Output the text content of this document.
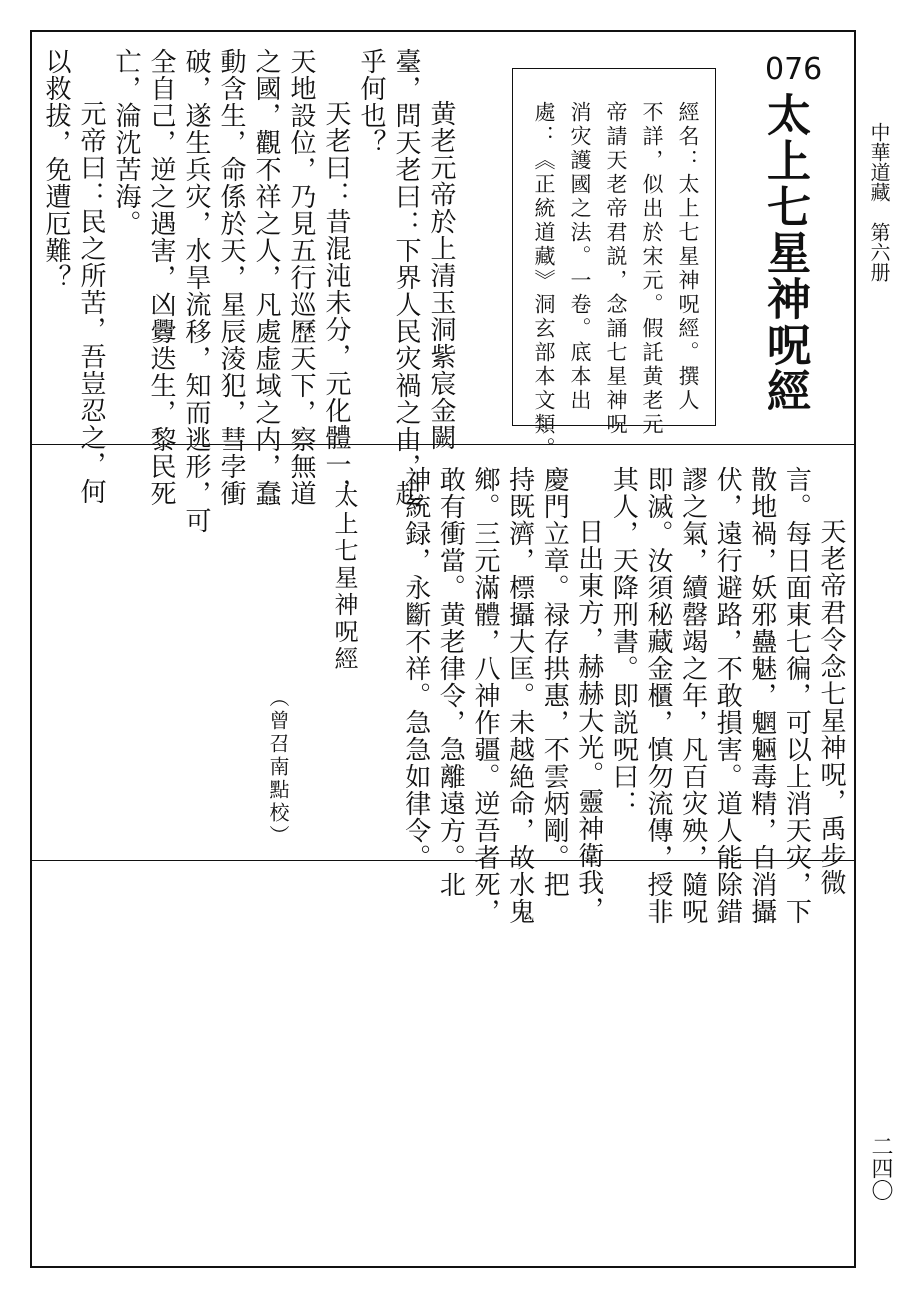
076
太上七星神呪經
經名：太上七星神呪經。撰人
不詳，似出於宋元。假託黄老元
帝請天老帝君説，念誦七星神呪
消灾護國之法。一卷。底本出
處：《正統道藏》洞玄部本文類。
黄老元帝於上清玉洞紫宸金闕
臺，問天老曰：下界人民灾禍之由，起
乎何也？
天老曰：昔混沌未分，元化體一，
天地設位，乃見五行巡歷天下，察無道
之國，觀不祥之人，凡處虚域之内，蠢
動含生，命係於天，星辰淩犯，彗孛衝
破，遂生兵灾，水旱流移，知而逃形，可
全自己，逆之遇害，凶釁迭生，黎民死
亡，淪沈苦海。
元帝曰：民之所苦，吾豈忍之，何
以救拔，免遭厄難？
天老帝君令念七星神呪，禹步微
言。每日面東七徧，可以上消天灾，下
散地禍，妖邪蠱魅，魍魎毒精，自消攝
伏，遠行避路，不敢損害。道人能除錯
謬之氣，續罄竭之年，凡百灾殃，隨呪
即滅。汝須秘藏金櫃，慎勿流傳，授非
其人，天降刑書。即説呪曰：
日出東方，赫赫大光。靈神衛我，
慶門立章。禄存拱惠，不雲炳剛。把
持既濟，標攝大匡。未越絶命，故水鬼
鄉。三元滿體，八神作疆。逆吾者死，
敢有衝當。黄老律令，急離遠方。北
神統録，永斷不祥。急急如律令。
太上七星神呪經
（曾召南點校）
中華道藏　第六册
二四〇
